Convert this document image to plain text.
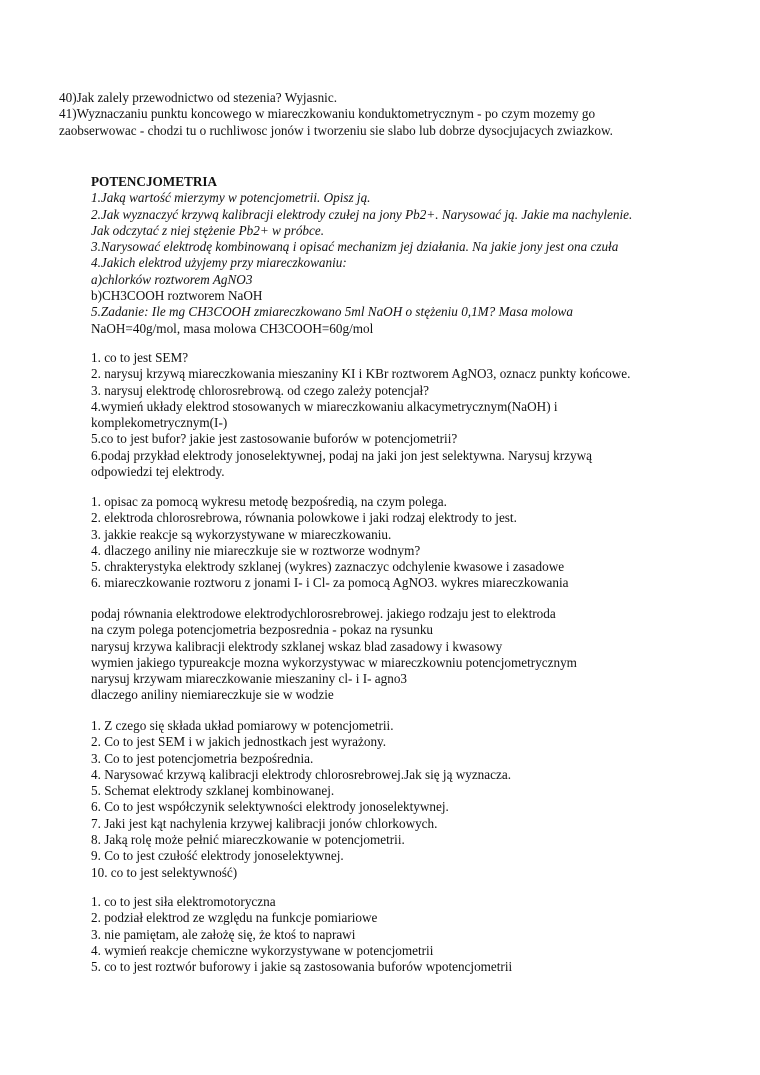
40)Jak zalely przewodnictwo od stezenia? Wyjasnic.
41)Wyznaczaniu punktu koncowego w miareczkowaniu konduktometrycznym - po czym mozemy go
zaobserwowac - chodzi tu o ruchliwosc jonów i tworzeniu sie slabo lub dobrze dysocjujacych zwiazkow.
POTENCJOMETRIA
1.Jaką wartość mierzymy w potencjometrii. Opisz ją.
2.Jak wyznaczyć krzywą kalibracji elektrody czułej na jony Pb2+. Narysować ją. Jakie ma nachylenie.
Jak odczytać z niej stężenie Pb2+ w próbce.
3.Narysować elektrodę kombinowaną i opisać mechanizm jej działania. Na jakie jony jest ona czuła
4.Jakich elektrod użyjemy przy miareczkowaniu:
a)chlorków roztworem AgNO3
b)CH3COOH roztworem NaOH
5.Zadanie: Ile mg CH3COOH zmiareczkowano 5ml NaOH o stężeniu 0,1M? Masa molowa
NaOH=40g/mol, masa molowa CH3COOH=60g/mol
1. co to jest SEM?
2. narysuj krzywą miareczkowania mieszaniny KI i KBr roztworem AgNO3, oznacz punkty końcowe.
3. narysuj elektrodę chlorosrebrową. od czego zależy potencjał?
4.wymień układy elektrod stosowanych w miareczkowaniu alkacymetrycznym(NaOH) i
komplekometrycznym(I-)
5.co to jest bufor? jakie jest zastosowanie buforów w potencjometrii?
6.podaj przykład elektrody jonoselektywnej, podaj na jaki jon jest selektywna. Narysuj krzywą
odpowiedzi tej elektrody.
1. opisac za pomocą wykresu metodę bezpośredią, na czym polega.
2. elektroda chlorosrebrowa, równania polowkowe i jaki rodzaj elektrody to jest.
3. jakkie reakcje są wykorzystywane w miareczkowaniu.
4. dlaczego aniliny nie miareczkuje sie w roztworze wodnym?
5. chrakterystyka elektrody szklanej (wykres) zaznaczyc odchylenie kwasowe i zasadowe
6. miareczkowanie roztworu z jonami I- i Cl- za pomocą AgNO3. wykres miareczkowania
podaj równania elektrodowe elektrodychlorosrebrowej. jakiego rodzaju jest to elektroda
na czym polega potencjometria bezposrednia - pokaz na rysunku
narysuj krzywa kalibracji elektrody szklanej wskaz blad zasadowy i kwasowy
wymien jakiego typureakcje mozna wykorzystywac w miareczkowniu potencjometrycznym
narysuj krzywam miareczkowanie mieszaniny cl- i I- agno3
dlaczego aniliny niemiareczkuje sie w wodzie
1. Z czego się składa układ pomiarowy w potencjometrii.
2. Co to jest SEM i w jakich jednostkach jest wyrażony.
3. Co to jest potencjometria bezpośrednia.
4. Narysować krzywą kalibracji elektrody chlorosrebrowej.Jak się ją wyznacza.
5. Schemat elektrody szklanej kombinowanej.
6. Co to jest współczynik selektywności elektrody jonoselektywnej.
7. Jaki jest kąt nachylenia krzywej kalibracji jonów chlorkowych.
8. Jaką rolę może pełnić miareczkowanie w potencjometrii.
9. Co to jest czułość elektrody jonoselektywnej.
10. co to jest selektywność)
1. co to jest siła elektromotoryczna
2. podział elektrod ze względu na funkcje pomiariowe
3. nie pamiętam, ale założę się, że ktoś to naprawi
4. wymień reakcje chemiczne wykorzystywane w potencjometrii
5. co to jest roztwór buforowy i jakie są zastosowania buforów wpotencjometrii
